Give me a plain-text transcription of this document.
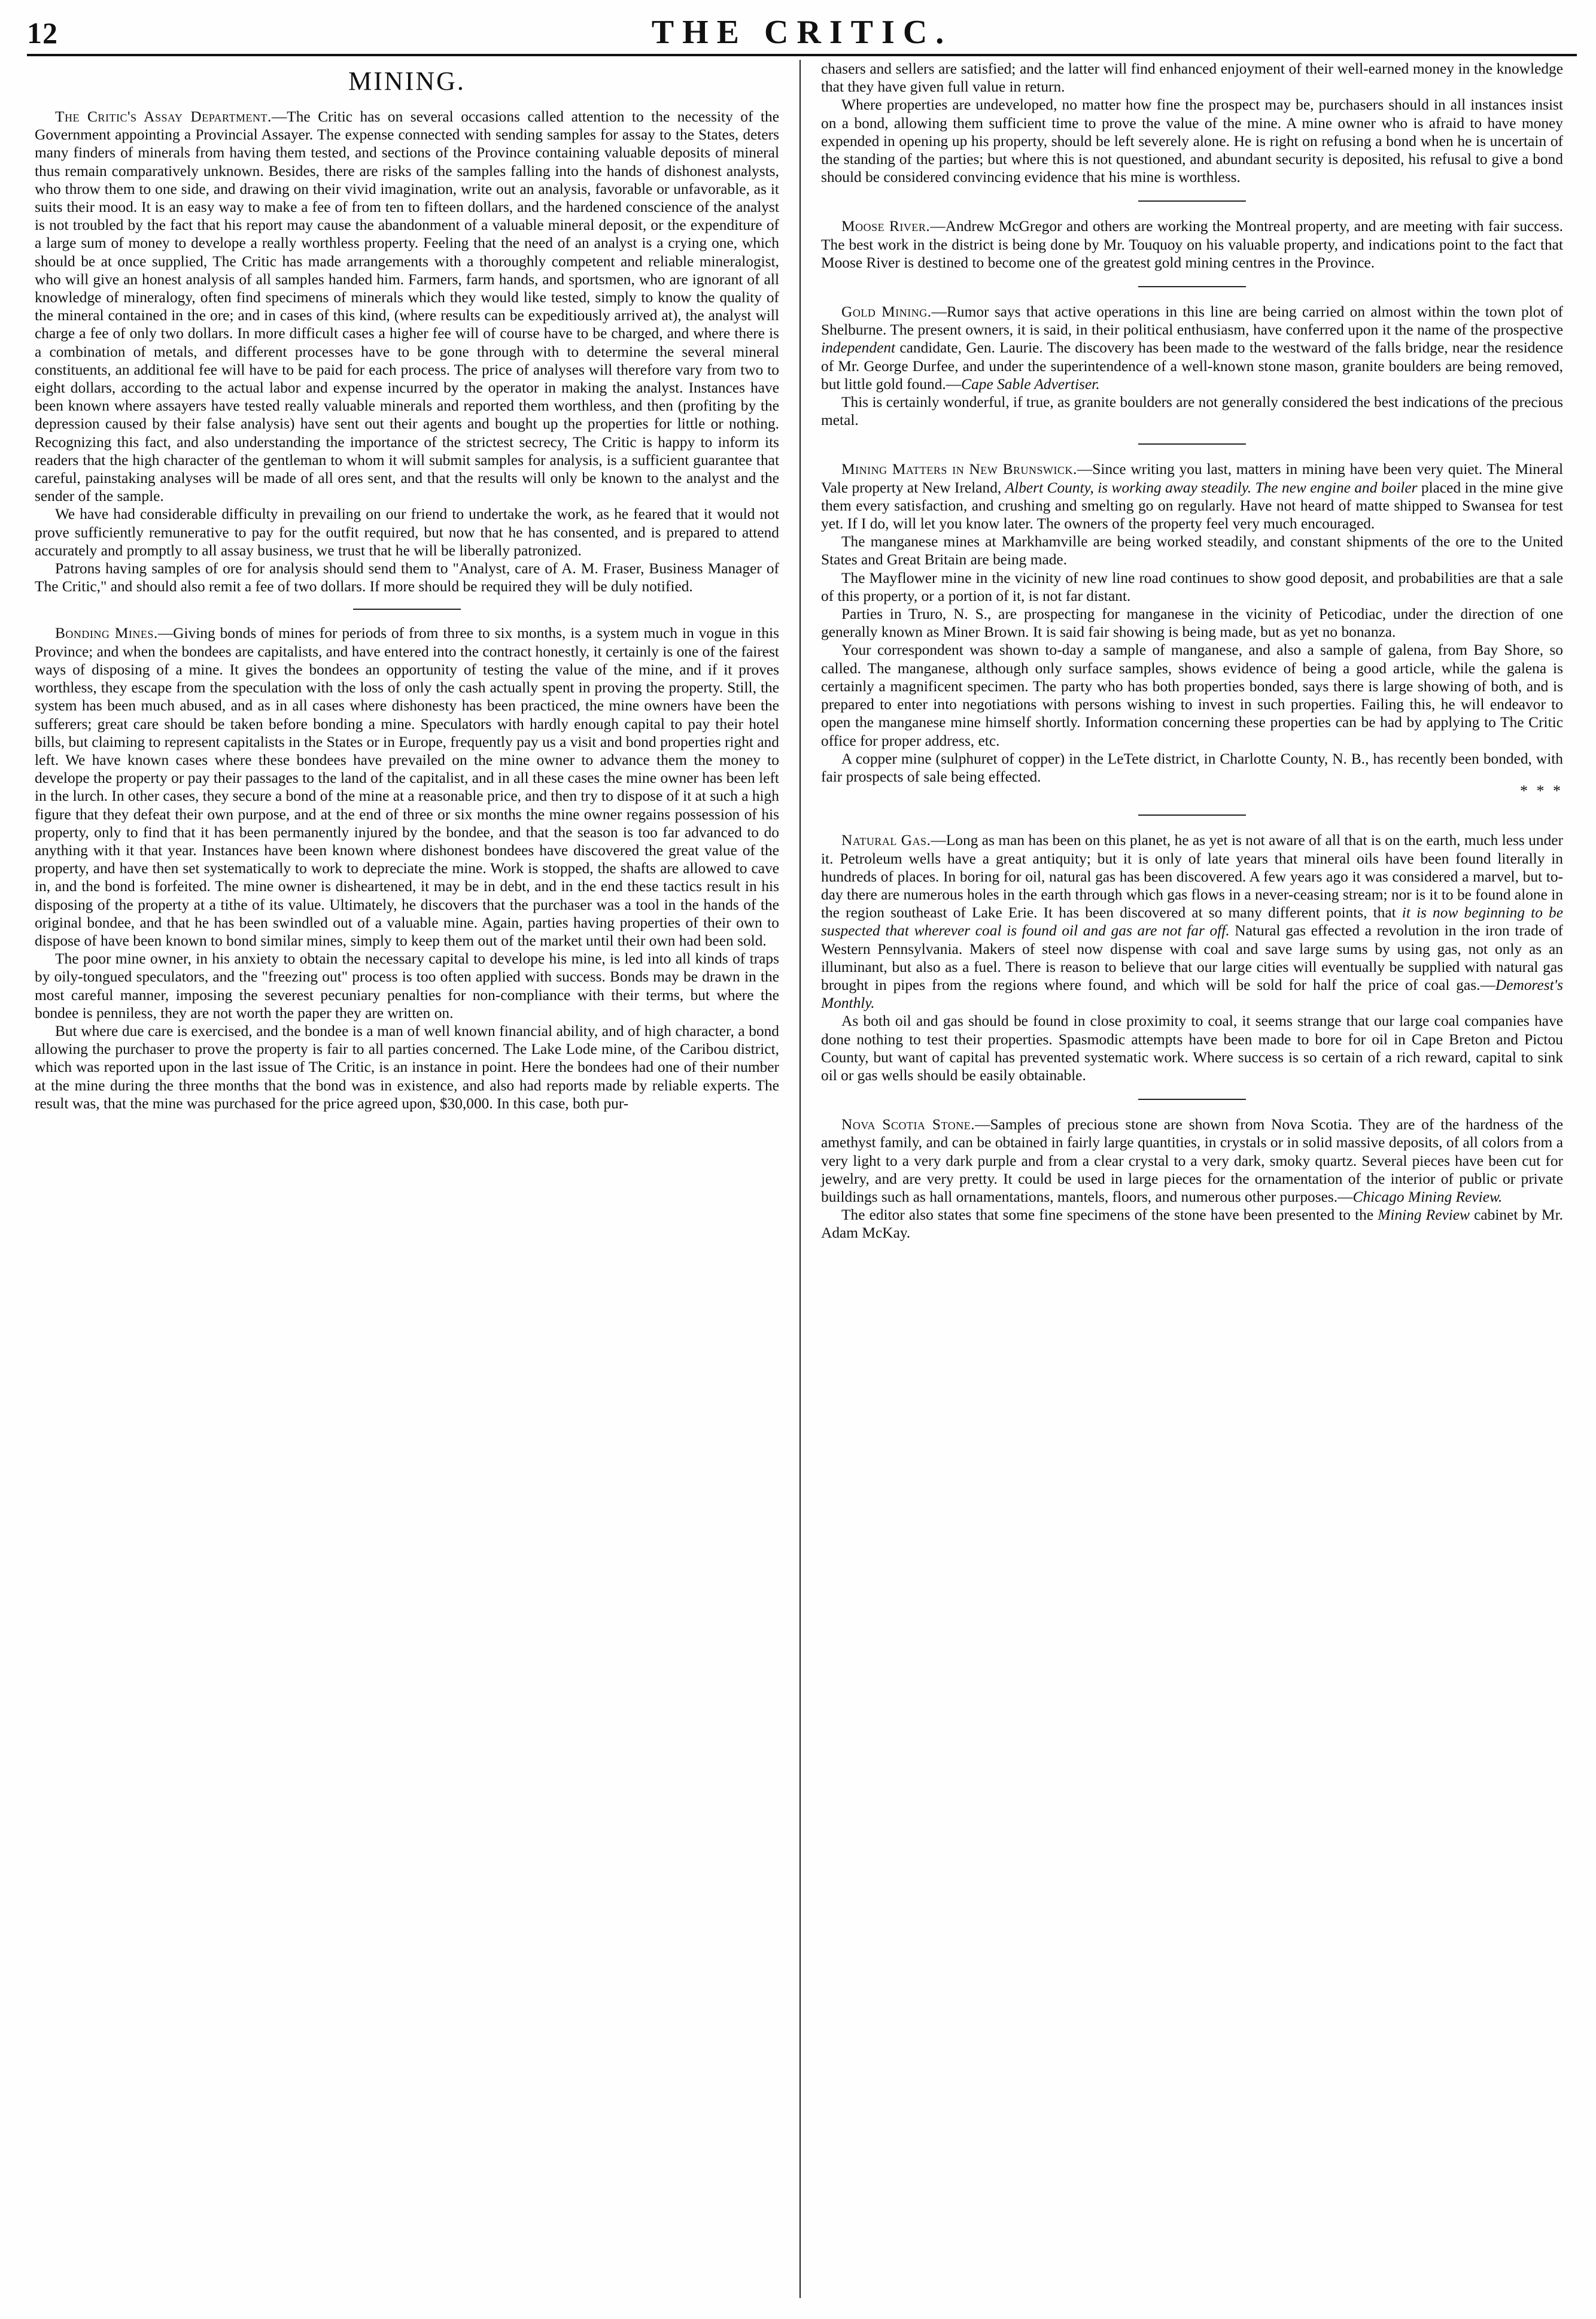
12	THE CRITIC.
MINING.

The Critic's Assay Department.—The Critic has on several occasions called attention to the necessity of the Government appointing a Provincial Assayer. The expense connected with sending samples for assay to the States, deters many finders of minerals from having them tested, and sections of the Province containing valuable deposits of mineral thus remain comparatively unknown. Besides, there are risks of the samples falling into the hands of dishonest analysts, who throw them to one side, and drawing on their vivid imagination, write out an analysis, favorable or unfavorable, as it suits their mood. It is an easy way to make a fee of from ten to fifteen dollars, and the hardened conscience of the analyst is not troubled by the fact that his report may cause the abandonment of a valuable mineral deposit, or the expenditure of a large sum of money to develope a really worthless property. Feeling that the need of an analyst is a crying one, which should be at once supplied, The Critic has made arrangements with a thoroughly competent and reliable mineralogist, who will give an honest analysis of all samples handed him. Farmers, farm hands, and sportsmen, who are ignorant of all knowledge of mineralogy, often find specimens of minerals which they would like tested, simply to know the quality of the mineral contained in the ore; and in cases of this kind, (where results can be expeditiously arrived at), the analyst will charge a fee of only two dollars. In more difficult cases a higher fee will of course have to be charged, and where there is a combination of metals, and different processes have to be gone through with to determine the several mineral constituents, an additional fee will have to be paid for each process. The price of analyses will therefore vary from two to eight dollars, according to the actual labor and expense incurred by the operator in making the analyst. Instances have been known where assayers have tested really valuable minerals and reported them worthless, and then (profiting by the depression caused by their false analysis) have sent out their agents and bought up the properties for little or nothing. Recognizing this fact, and also understanding the importance of the strictest secrecy, The Critic is happy to inform its readers that the high character of the gentleman to whom it will submit samples for analysis, is a sufficient guarantee that careful, painstaking analyses will be made of all ores sent, and that the results will only be known to the analyst and the sender of the sample.

We have had considerable difficulty in prevailing on our friend to undertake the work, as he feared that it would not prove sufficiently remunerative to pay for the outfit required, but now that he has consented, and is prepared to attend accurately and promptly to all assay business, we trust that he will be liberally patronized.

Patrons having samples of ore for analysis should send them to "Analyst, care of A. M. Fraser, Business Manager of The Critic," and should also remit a fee of two dollars. If more should be required they will be duly notified.

Bonding Mines.—Giving bonds of mines for periods of from three to six months, is a system much in vogue in this Province; and when the bondees are capitalists, and have entered into the contract honestly, it certainly is one of the fairest ways of disposing of a mine. It gives the bondees an opportunity of testing the value of the mine, and if it proves worthless, they escape from the speculation with the loss of only the cash actually spent in proving the property. Still, the system has been much abused, and as in all cases where dishonesty has been practiced, the mine owners have been the sufferers; great care should be taken before bonding a mine. Speculators with hardly enough capital to pay their hotel bills, but claiming to represent capitalists in the States or in Europe, frequently pay us a visit and bond properties right and left. We have known cases where these bondees have prevailed on the mine owner to advance them the money to develope the property or pay their passages to the land of the capitalist, and in all these cases the mine owner has been left in the lurch. In other cases, they secure a bond of the mine at a reasonable price, and then try to dispose of it at such a high figure that they defeat their own purpose, and at the end of three or six months the mine owner regains possession of his property, only to find that it has been permanently injured by the bondee, and that the season is too far advanced to do anything with it that year. Instances have been known where dishonest bondees have discovered the great value of the property, and have then set systematically to work to depreciate the mine. Work is stopped, the shafts are allowed to cave in, and the bond is forfeited. The mine owner is disheartened, it may be in debt, and in the end these tactics result in his disposing of the property at a tithe of its value. Ultimately, he discovers that the purchaser was a tool in the hands of the original bondee, and that he has been swindled out of a valuable mine. Again, parties having properties of their own to dispose of have been known to bond similar mines, simply to keep them out of the market until their own had been sold.

The poor mine owner, in his anxiety to obtain the necessary capital to develope his mine, is led into all kinds of traps by oily-tongued speculators, and the "freezing out" process is too often applied with success. Bonds may be drawn in the most careful manner, imposing the severest pecuniary penalties for non-compliance with their terms, but where the bondee is penniless, they are not worth the paper they are written on.

But where due care is exercised, and the bondee is a man of well known financial ability, and of high character, a bond allowing the purchaser to prove the property is fair to all parties concerned. The Lake Lode mine, of the Caribou district, which was reported upon in the last issue of The Critic, is an instance in point. Here the bondees had one of their number at the mine during the three months that the bond was in existence, and also had reports made by reliable experts. The result was, that the mine was purchased for the price agreed upon, $30,000. In this case, both pur-

chasers and sellers are satisfied; and the latter will find enhanced enjoyment of their well-earned money in the knowledge that they have given full value in return.

Where properties are undeveloped, no matter how fine the prospect may be, purchasers should in all instances insist on a bond, allowing them sufficient time to prove the value of the mine. A mine owner who is afraid to have money expended in opening up his property, should be left severely alone. He is right on refusing a bond when he is uncertain of the standing of the parties; but where this is not questioned, and abundant security is deposited, his refusal to give a bond should be considered convincing evidence that his mine is worthless.

Moose River.—Andrew McGregor and others are working the Montreal property, and are meeting with fair success. The best work in the district is being done by Mr. Touquoy on his valuable property, and indications point to the fact that Moose River is destined to become one of the greatest gold mining centres in the Province.

Gold Mining.—Rumor says that active operations in this line are being carried on almost within the town plot of Shelburne. The present owners, it is said, in their political enthusiasm, have conferred upon it the name of the prospective independent candidate, Gen. Laurie. The discovery has been made to the westward of the falls bridge, near the residence of Mr. George Durfee, and under the superintendence of a well-known stone mason, granite boulders are being removed, but little gold found.—Cape Sable Advertiser.

This is certainly wonderful, if true, as granite boulders are not generally considered the best indications of the precious metal.

Mining Matters in New Brunswick.—Since writing you last, matters in mining have been very quiet. The Mineral Vale property at New Ireland, Albert County, is working away steadily. The new engine and boiler placed in the mine give them every satisfaction, and crushing and smelting go on regularly. Have not heard of matte shipped to Swansea for test yet. If I do, will let you know later. The owners of the property feel very much encouraged.

The manganese mines at Markhamville are being worked steadily, and constant shipments of the ore to the United States and Great Britain are being made.

The Mayflower mine in the vicinity of new line road continues to show good deposit, and probabilities are that a sale of this property, or a portion of it, is not far distant.

Parties in Truro, N. S., are prospecting for manganese in the vicinity of Peticodiac, under the direction of one generally known as Miner Brown. It is said fair showing is being made, but as yet no bonanza.

Your correspondent was shown to-day a sample of manganese, and also a sample of galena, from Bay Shore, so called. The manganese, although only surface samples, shows evidence of being a good article, while the galena is certainly a magnificent specimen. The party who has both properties bonded, says there is large showing of both, and is prepared to enter into negotiations with persons wishing to invest in such properties. Failing this, he will endeavor to open the manganese mine himself shortly. Information concerning these properties can be had by applying to The Critic office for proper address, etc.

A copper mine (sulphuret of copper) in the LeTete district, in Charlotte County, N. B., has recently been bonded, with fair prospects of sale being effected.

* * *

Natural Gas.—Long as man has been on this planet, he as yet is not aware of all that is on the earth, much less under it. Petroleum wells have a great antiquity; but it is only of late years that mineral oils have been found literally in hundreds of places. In boring for oil, natural gas has been discovered. A few years ago it was considered a marvel, but to-day there are numerous holes in the earth through which gas flows in a never-ceasing stream; nor is it to be found alone in the region southeast of Lake Erie. It has been discovered at so many different points, that it is now beginning to be suspected that wherever coal is found oil and gas are not far off. Natural gas effected a revolution in the iron trade of Western Pennsylvania. Makers of steel now dispense with coal and save large sums by using gas, not only as an illuminant, but also as a fuel. There is reason to believe that our large cities will eventually be supplied with natural gas brought in pipes from the regions where found, and which will be sold for half the price of coal gas.—Demorest's Monthly.

As both oil and gas should be found in close proximity to coal, it seems strange that our large coal companies have done nothing to test their properties. Spasmodic attempts have been made to bore for oil in Cape Breton and Pictou County, but want of capital has prevented systematic work. Where success is so certain of a rich reward, capital to sink oil or gas wells should be easily obtainable.

Nova Scotia Stone.—Samples of precious stone are shown from Nova Scotia. They are of the hardness of the amethyst family, and can be obtained in fairly large quantities, in crystals or in solid massive deposits, of all colors from a very light to a very dark purple and from a clear crystal to a very dark, smoky quartz. Several pieces have been cut for jewelry, and are very pretty. It could be used in large pieces for the ornamentation of the interior of public or private buildings such as hall ornamentations, mantels, floors, and numerous other purposes.—Chicago Mining Review.

The editor also states that some fine specimens of the stone have been presented to the Mining Review cabinet by Mr. Adam McKay.
